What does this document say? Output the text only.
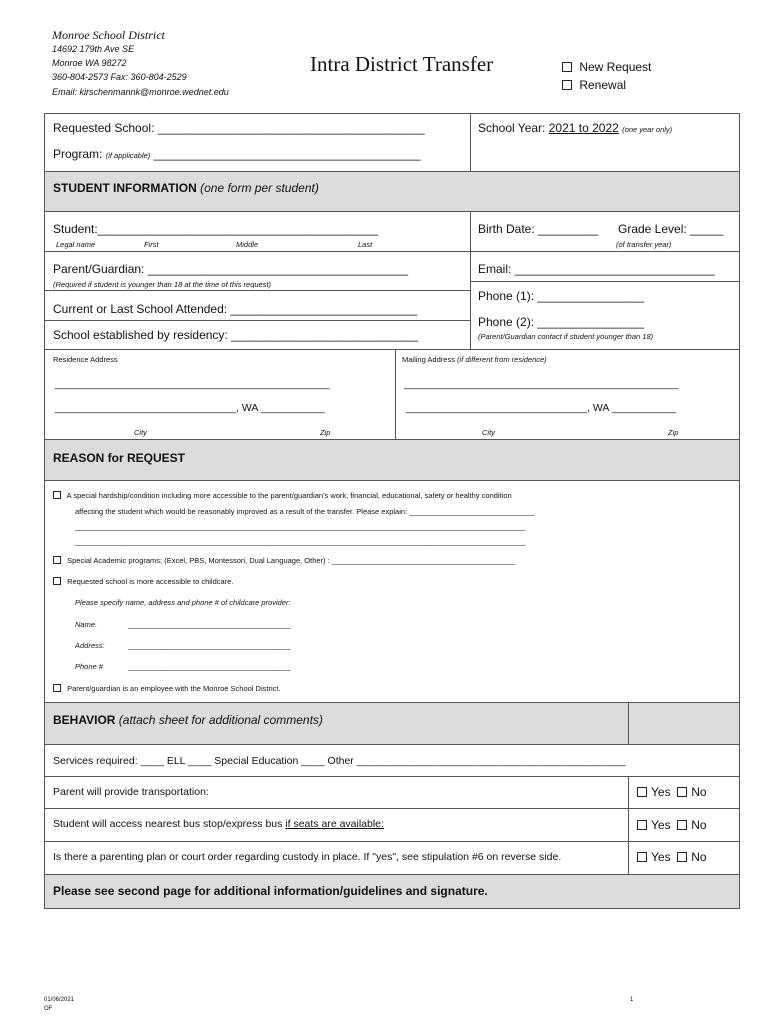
Monroe School District
14692 179th Ave SE
Monroe WA 98272
360-804-2573 Fax: 360-804-2529
Email: kirschenmannk@monroe.wednet.edu
Intra District Transfer	New Request
Renewal
Requested School: ________________________________________
Program: (if applicable) ________________________________________
School Year: 2021 to 2022 (one year only)
STUDENT INFORMATION (one form per student)
Student:__________________________________________
Legal name	First	Middle	Last
Birth Date: _________ Grade Level: _____
(of transfer year)
Parent/Guardian: _______________________________________
(Required if student is younger than 18 at the time of this request)
Email: ______________________________
Current or Last School Attended: ____________________________
Phone (1): ________________
Phone (2): ________________
(Parent/Guardian contact if student younger than 18)
School established by residency: ____________________________
Residence Address	Mailing Address (if different from residence)
_______________________________________________
_______________________________, WA ___________
City	Zip
_______________________________________________
_______________________________, WA ___________
City	Zip
REASON for REQUEST
A special hardship/condition including more accessible to the parent/guardian's work, financial, educational, safety or healthy condition
affecting the student which would be reasonably improved as a result of the transfer. Please explain: ______________________________
____________________________________________________________________________________________________________
____________________________________________________________________________________________________________
Special Academic programs: (Excel, PBS, Montessori, Dual Language, Other) : ____________________________________________
Requested school is more accessible to childcare.
Please specify name, address and phone # of childcare provider:
Name.	_______________________________________
Address:	_______________________________________
Phone #	_______________________________________
Parent/guardian is an employee with the Monroe School District.
BEHAVIOR (attach sheet for additional comments)
Services required: ____ ELL ____ Special Education ____ Other ______________________________________________
Parent will provide transportation:	Yes No
Student will access nearest bus stop/express bus if seats are available:	Yes No
Is there a parenting plan or court order regarding custody in place. If "yes", see stipulation #6 on reverse side.	Yes No
Please see second page for additional information/guidelines and signature.
01/06/2021
OF
1
